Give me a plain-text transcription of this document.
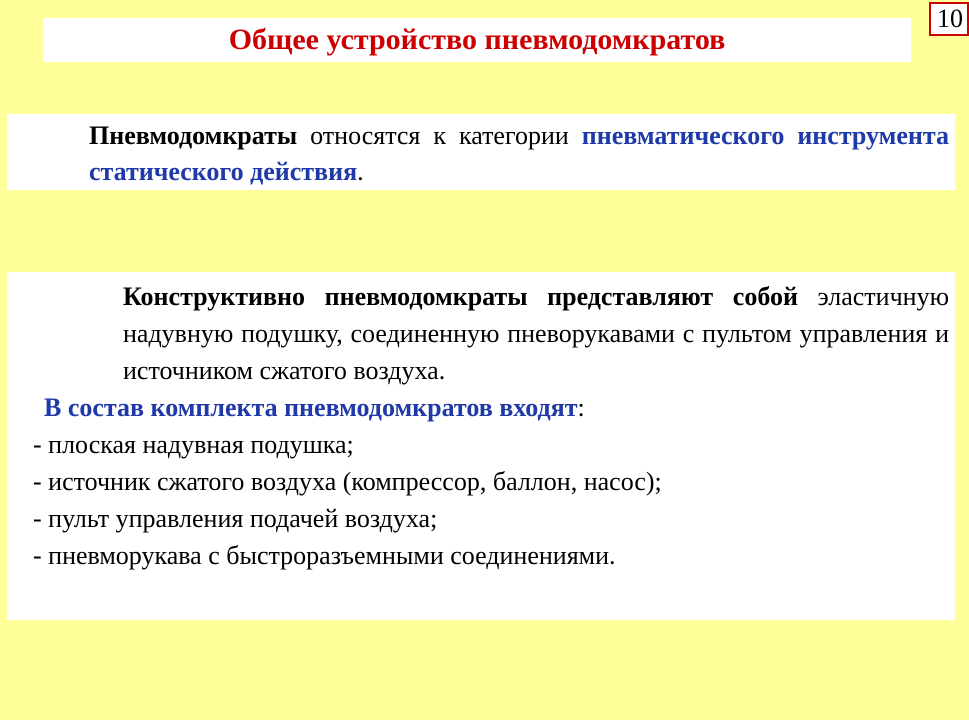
Общее устройство пневмодомкратов
10
Пневмодомкраты относятся к категории пневматического инструмента статического действия.
Конструктивно пневмодомкраты представляют собой эластичную надувную подушку, соединенную пневорукавами с пультом управления и источником сжатого воздуха.
В состав комплекта пневмодомкратов входят:
- плоская надувная подушка;
- источник сжатого воздуха (компрессор, баллон, насос);
- пульт управления подачей воздуха;
- пневморукава с быстроразъемными соединениями.
